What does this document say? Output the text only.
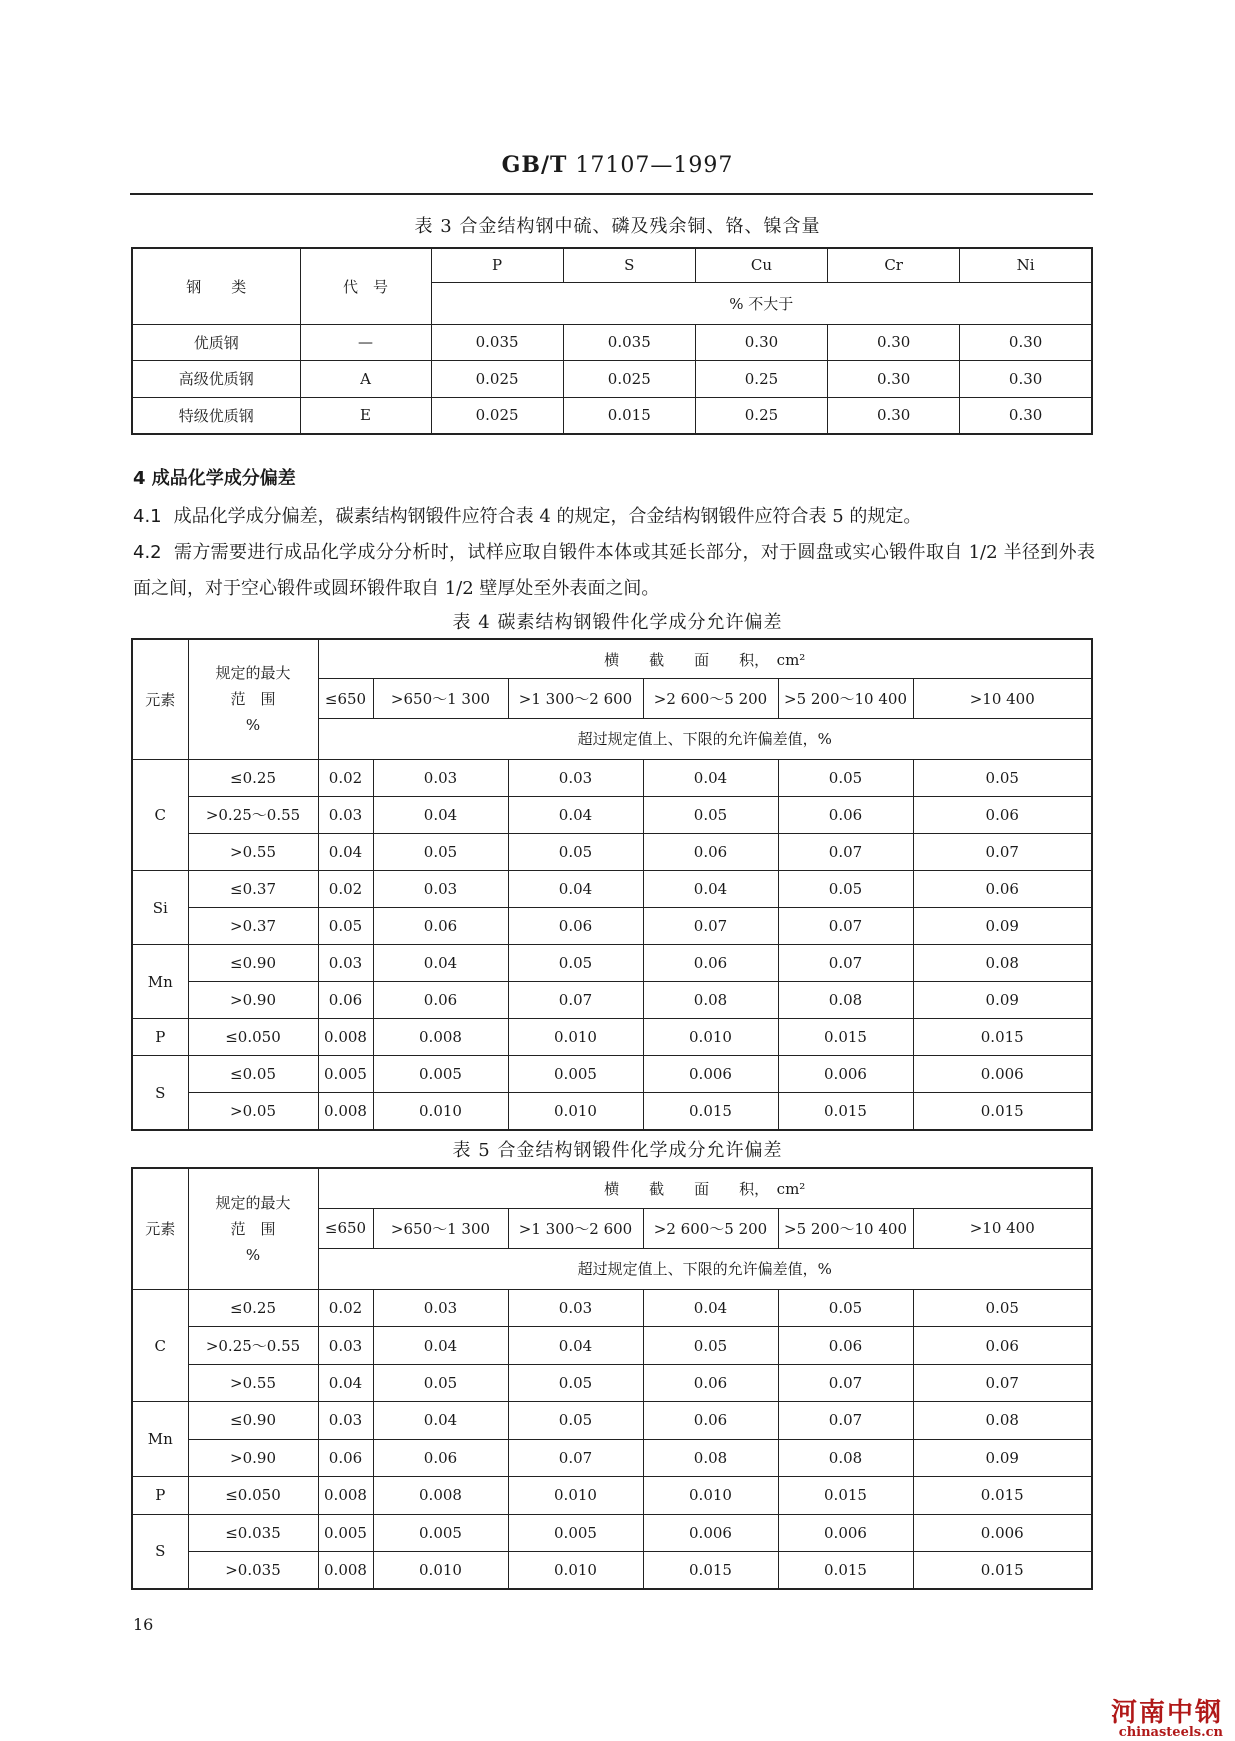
GB/T 17107—1997
表 3 合金结构钢中硫、磷及残余铜、铬、镍含量
钢　　类	代　号	P	S	Cu	Cr	Ni
		% 不大于				
优质钢	—	0.035	0.035	0.30	0.30	0.30
高级优质钢	A	0.025	0.025	0.25	0.30	0.30
特级优质钢	E	0.025	0.015	0.25	0.30	0.30
4 成品化学成分偏差
4.1 成品化学成分偏差，碳素结构钢锻件应符合表 4 的规定，合金结构钢锻件应符合表 5 的规定。
4.2 需方需要进行成品化学成分分析时，试样应取自锻件本体或其延长部分，对于圆盘或实心锻件取自 1/2 半径到外表面之间，对于空心锻件或圆环锻件取自 1/2 壁厚处至外表面之间。
表 4 碳素结构钢锻件化学成分允许偏差
元素	规定的最大
范　围
%	横　　截　　面　　积，　cm²					
		≤650	>650～1 300	>1 300～2 600	>2 600～5 200	>5 200～10 400	>10 400
		超过规定值上、下限的允许偏差值，%					
C	≤0.25	0.02	0.03	0.03	0.04	0.05	0.05
	>0.25～0.55	0.03	0.04	0.04	0.05	0.06	0.06
	>0.55	0.04	0.05	0.05	0.06	0.07	0.07
Si	≤0.37	0.02	0.03	0.04	0.04	0.05	0.06
	>0.37	0.05	0.06	0.06	0.07	0.07	0.09
Mn	≤0.90	0.03	0.04	0.05	0.06	0.07	0.08
	>0.90	0.06	0.06	0.07	0.08	0.08	0.09
P	≤0.050	0.008	0.008	0.010	0.010	0.015	0.015
S	≤0.05	0.005	0.005	0.005	0.006	0.006	0.006
	>0.05	0.008	0.010	0.010	0.015	0.015	0.015
表 5 合金结构钢锻件化学成分允许偏差
元素	规定的最大
范　围
%	横　　截　　面　　积，　cm²					
		≤650	>650～1 300	>1 300～2 600	>2 600～5 200	>5 200～10 400	>10 400
		超过规定值上、下限的允许偏差值，%					
C	≤0.25	0.02	0.03	0.03	0.04	0.05	0.05
	>0.25～0.55	0.03	0.04	0.04	0.05	0.06	0.06
	>0.55	0.04	0.05	0.05	0.06	0.07	0.07
Mn	≤0.90	0.03	0.04	0.05	0.06	0.07	0.08
	>0.90	0.06	0.06	0.07	0.08	0.08	0.09
P	≤0.050	0.008	0.008	0.010	0.010	0.015	0.015
S	≤0.035	0.005	0.005	0.005	0.006	0.006	0.006
	>0.035	0.008	0.010	0.010	0.015	0.015	0.015
16
河南中钢
chinasteels.cn
